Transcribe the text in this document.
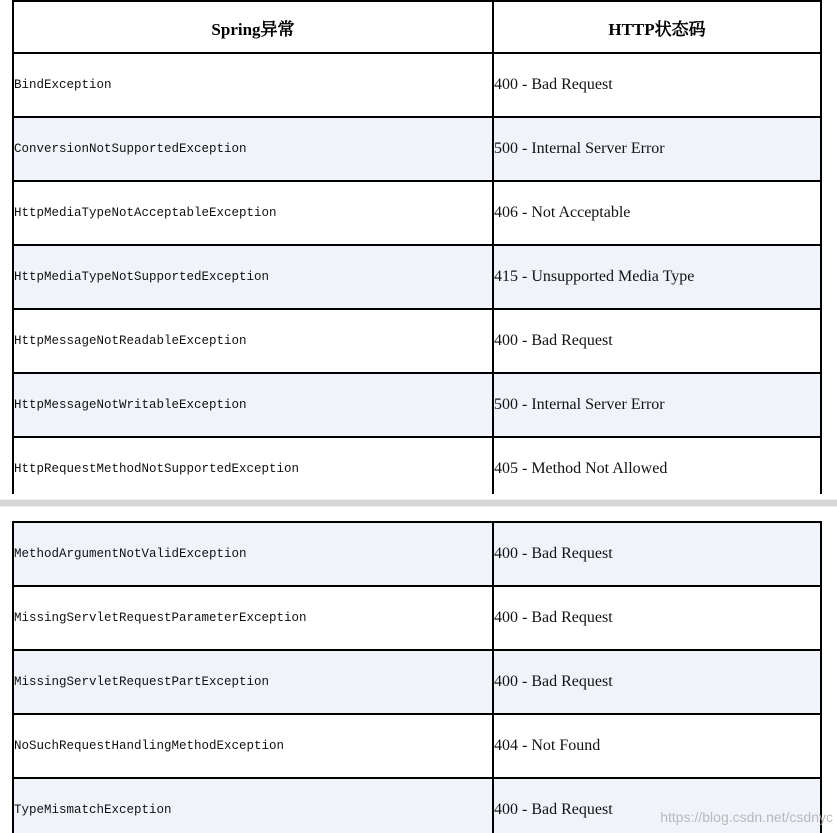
Spring异常	HTTP状态码
BindException	400 - Bad Request
ConversionNotSupportedException	500 - Internal Server Error
HttpMediaTypeNotAcceptableException	406 - Not Acceptable
HttpMediaTypeNotSupportedException	415 - Unsupported Media Type
HttpMessageNotReadableException	400 - Bad Request
HttpMessageNotWritableException	500 - Internal Server Error
HttpRequestMethodNotSupportedException	405 - Method Not Allowed
MethodArgumentNotValidException	400 - Bad Request
MissingServletRequestParameterException	400 - Bad Request
MissingServletRequestPartException	400 - Bad Request
NoSuchRequestHandlingMethodException	404 - Not Found
TypeMismatchException	400 - Bad Request	https://blog.csdn.net/csdnyc
